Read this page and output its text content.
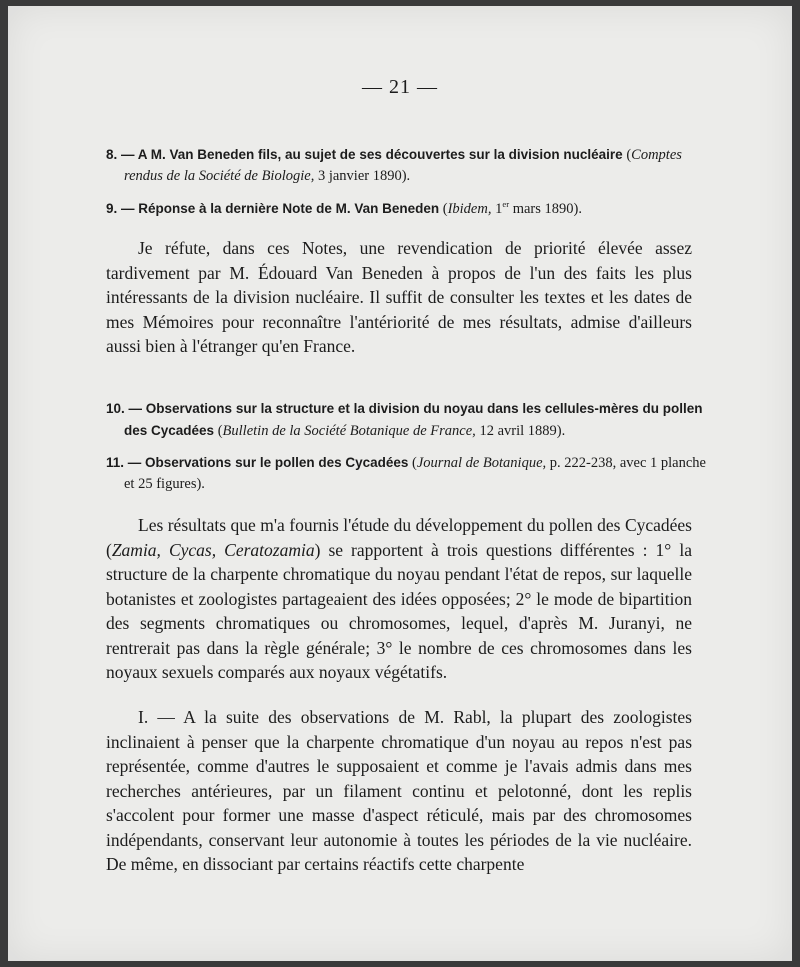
— 21 —
8. — A M. Van Beneden fils, au sujet de ses découvertes sur la division nucléaire (Comptes rendus de la Société de Biologie, 3 janvier 1890).
9. — Réponse à la dernière Note de M. Van Beneden (Ibidem, 1er mars 1890).
Je réfute, dans ces Notes, une revendication de priorité élevée assez tardivement par M. Édouard Van Beneden à propos de l'un des faits les plus intéressants de la division nucléaire. Il suffit de consulter les textes et les dates de mes Mémoires pour reconnaître l'antériorité de mes résultats, admise d'ailleurs aussi bien à l'étranger qu'en France.
10. — Observations sur la structure et la division du noyau dans les cellules-mères du pollen des Cycadées (Bulletin de la Société Botanique de France, 12 avril 1889).
11. — Observations sur le pollen des Cycadées (Journal de Botanique, p. 222-238, avec 1 planche et 25 figures).
Les résultats que m'a fournis l'étude du développement du pollen des Cycadées (Zamia, Cycas, Ceratozamia) se rapportent à trois questions différentes : 1° la structure de la charpente chromatique du noyau pendant l'état de repos, sur laquelle botanistes et zoologistes partageaient des idées opposées; 2° le mode de bipartition des segments chromatiques ou chromosomes, lequel, d'après M. Juranyi, ne rentrerait pas dans la règle générale; 3° le nombre de ces chromosomes dans les noyaux sexuels comparés aux noyaux végétatifs.
I. — A la suite des observations de M. Rabl, la plupart des zoologistes inclinaient à penser que la charpente chromatique d'un noyau au repos n'est pas représentée, comme d'autres le supposaient et comme je l'avais admis dans mes recherches antérieures, par un filament continu et pelotonné, dont les replis s'accolent pour former une masse d'aspect réticulé, mais par des chromosomes indépendants, conservant leur autonomie à toutes les périodes de la vie nucléaire. De même, en dissociant par certains réactifs cette charpente
